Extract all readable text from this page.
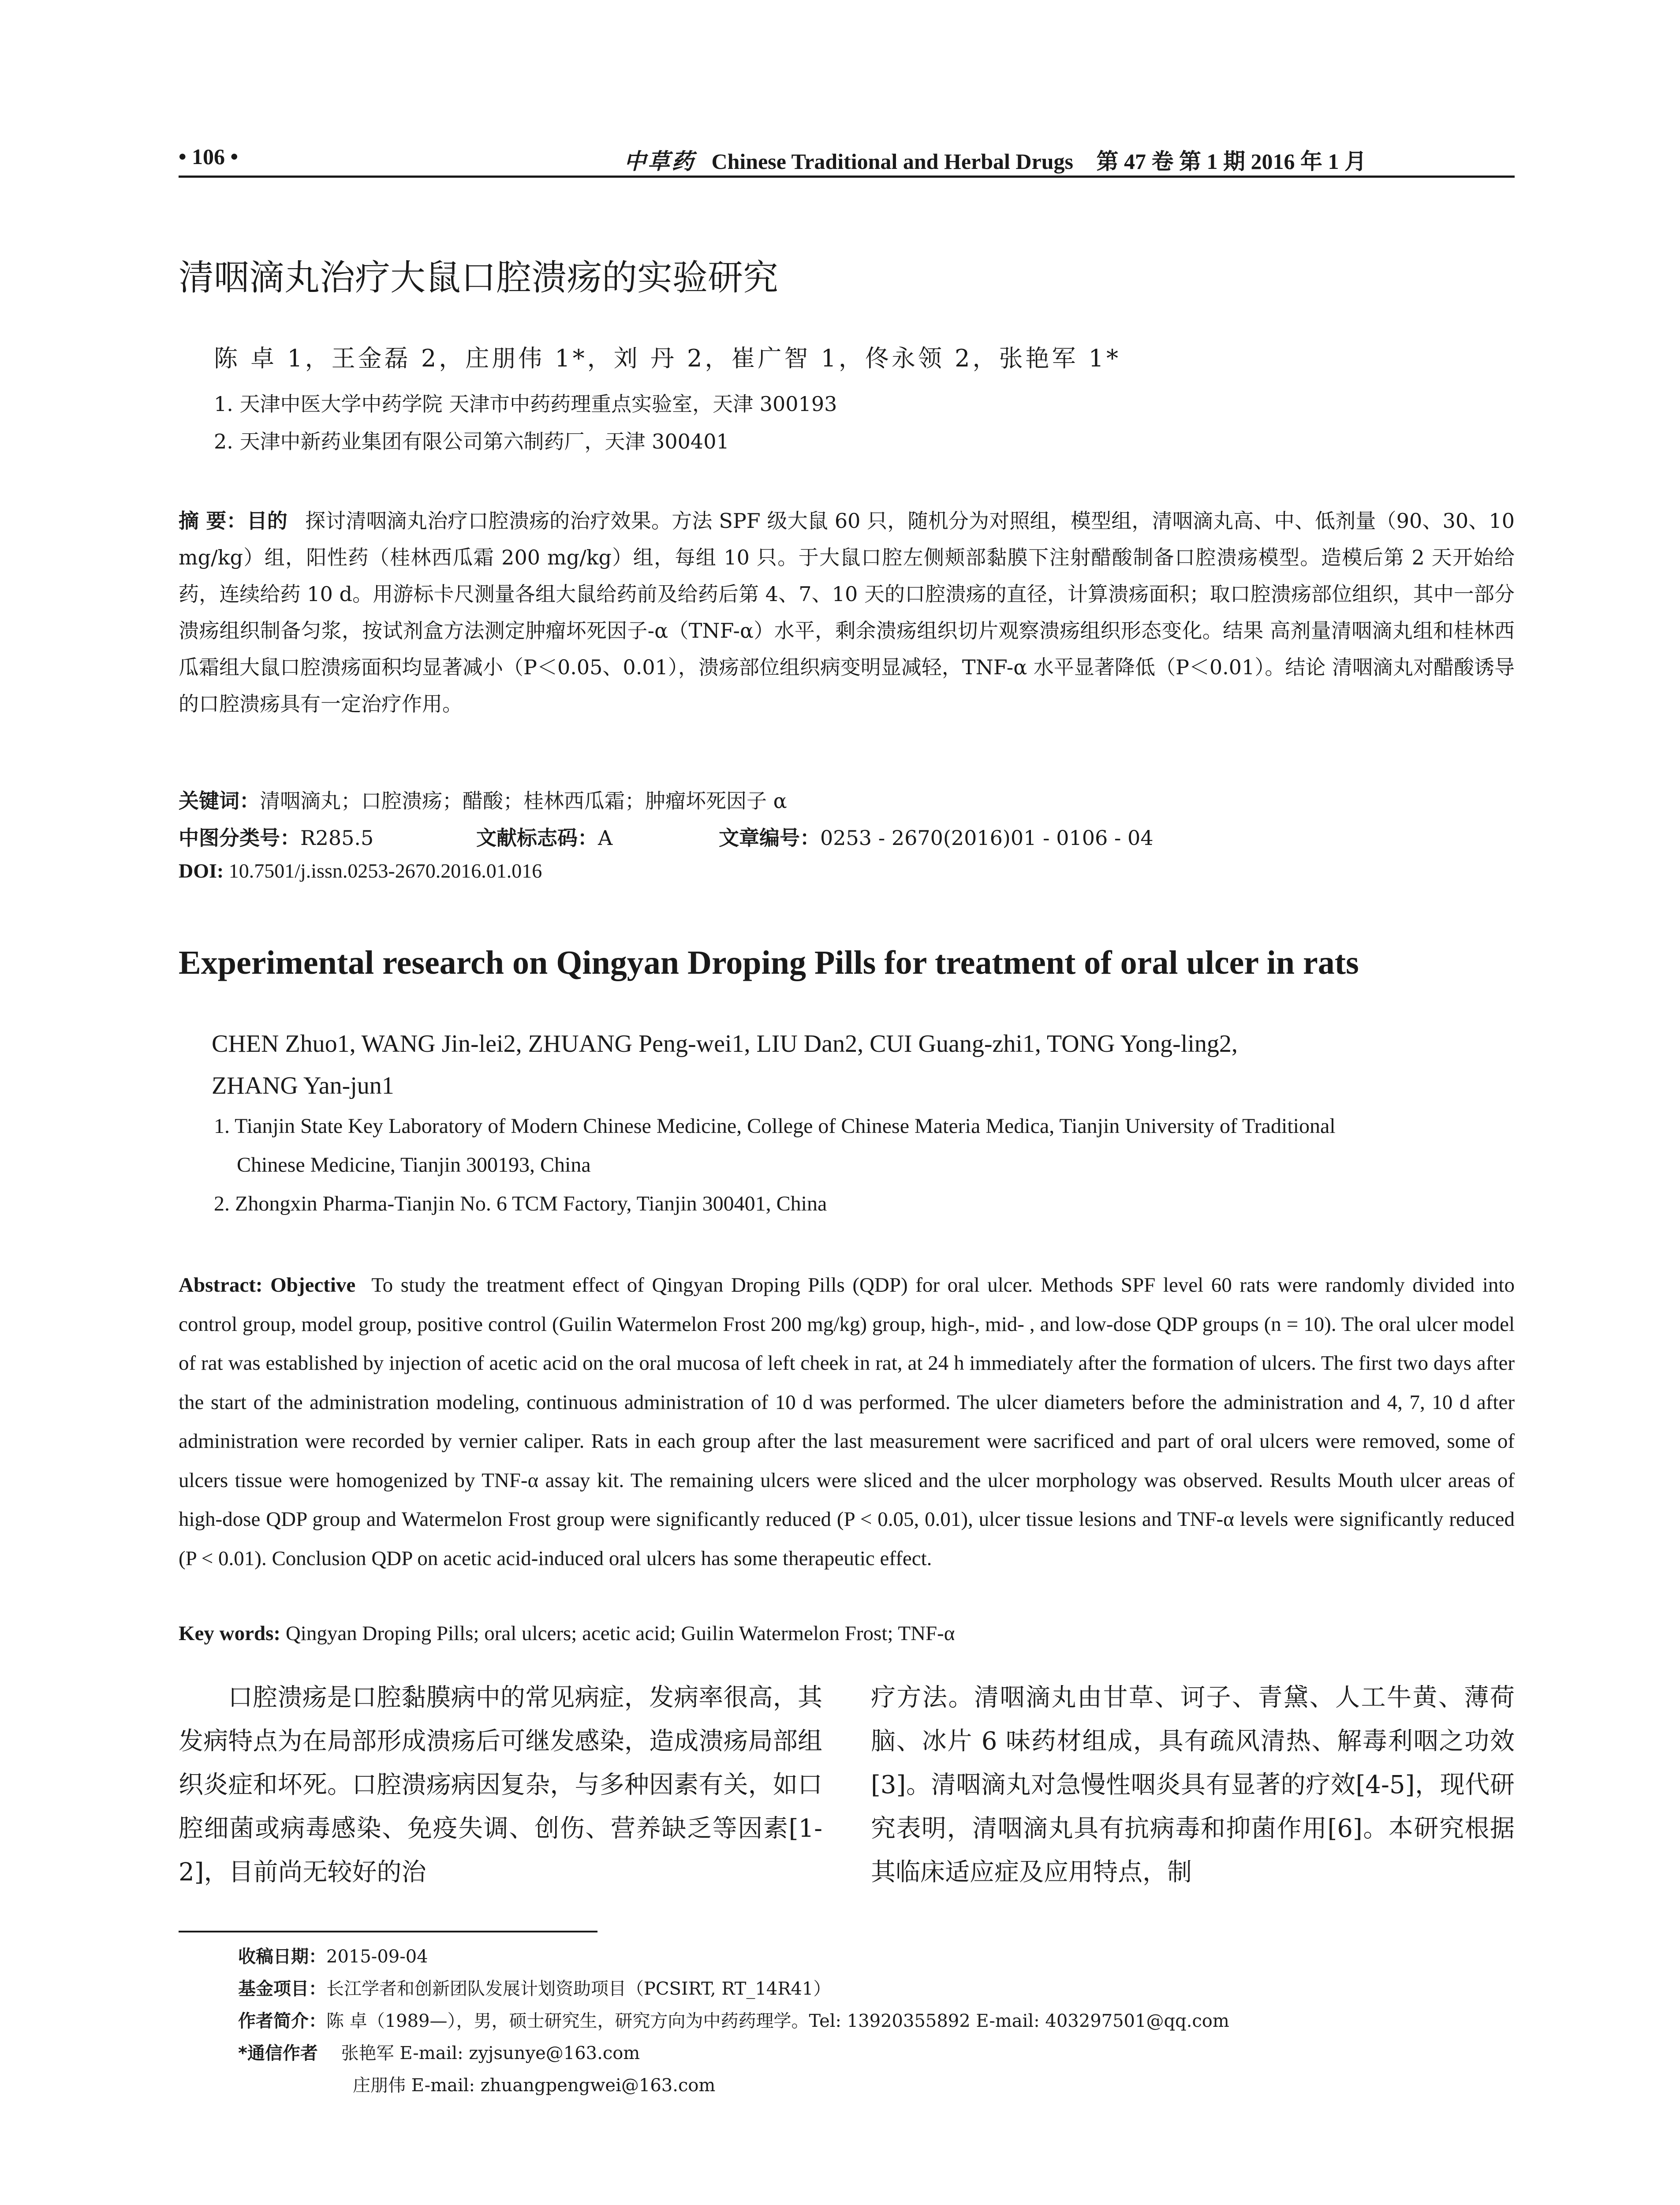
• 106 •	中草药 Chinese Traditional and Herbal Drugs 第 47 卷 第 1 期 2016 年 1 月
清咽滴丸治疗大鼠口腔溃疡的实验研究
陈 卓 1，王金磊 2，庄朋伟 1*，刘 丹 2，崔广智 1，佟永领 2，张艳军 1*
1. 天津中医大学中药学院 天津市中药药理重点实验室，天津 300193
2. 天津中新药业集团有限公司第六制药厂，天津 300401
摘 要：目的 探讨清咽滴丸治疗口腔溃疡的治疗效果。方法 SPF 级大鼠 60 只，随机分为对照组，模型组，清咽滴丸高、中、低剂量（90、30、10 mg/kg）组，阳性药（桂林西瓜霜 200 mg/kg）组，每组 10 只。于大鼠口腔左侧颊部黏膜下注射醋酸制备口腔溃疡模型。造模后第 2 天开始给药，连续给药 10 d。用游标卡尺测量各组大鼠给药前及给药后第 4、7、10 天的口腔溃疡的直径，计算溃疡面积；取口腔溃疡部位组织，其中一部分溃疡组织制备匀浆，按试剂盒方法测定肿瘤坏死因子-α（TNF-α）水平，剩余溃疡组织切片观察溃疡组织形态变化。结果 高剂量清咽滴丸组和桂林西瓜霜组大鼠口腔溃疡面积均显著减小（P＜0.05、0.01），溃疡部位组织病变明显减轻，TNF-α 水平显著降低（P＜0.01）。结论 清咽滴丸对醋酸诱导的口腔溃疡具有一定治疗作用。
关键词：清咽滴丸；口腔溃疡；醋酸；桂林西瓜霜；肿瘤坏死因子 α
中图分类号：R285.5	文献标志码：A	文章编号：0253 - 2670(2016)01 - 0106 - 04
DOI: 10.7501/j.issn.0253-2670.2016.01.016
Experimental research on Qingyan Droping Pills for treatment of oral ulcer in rats
CHEN Zhuo1, WANG Jin-lei2, ZHUANG Peng-wei1, LIU Dan2, CUI Guang-zhi1, TONG Yong-ling2,
ZHANG Yan-jun1
1. Tianjin State Key Laboratory of Modern Chinese Medicine, College of Chinese Materia Medica, Tianjin University of Traditional
Chinese Medicine, Tianjin 300193, China
2. Zhongxin Pharma-Tianjin No. 6 TCM Factory, Tianjin 300401, China
Abstract: Objective To study the treatment effect of Qingyan Droping Pills (QDP) for oral ulcer. Methods SPF level 60 rats were randomly divided into control group, model group, positive control (Guilin Watermelon Frost 200 mg/kg) group, high-, mid- , and low-dose QDP groups (n = 10). The oral ulcer model of rat was established by injection of acetic acid on the oral mucosa of left cheek in rat, at 24 h immediately after the formation of ulcers. The first two days after the start of the administration modeling, continuous administration of 10 d was performed. The ulcer diameters before the administration and 4, 7, 10 d after administration were recorded by vernier caliper. Rats in each group after the last measurement were sacrificed and part of oral ulcers were removed, some of ulcers tissue were homogenized by TNF-α assay kit. The remaining ulcers were sliced and the ulcer morphology was observed. Results Mouth ulcer areas of high-dose QDP group and Watermelon Frost group were significantly reduced (P < 0.05, 0.01), ulcer tissue lesions and TNF-α levels were significantly reduced (P < 0.01). Conclusion QDP on acetic acid-induced oral ulcers has some therapeutic effect.
Key words: Qingyan Droping Pills; oral ulcers; acetic acid; Guilin Watermelon Frost; TNF-α
口腔溃疡是口腔黏膜病中的常见病症，发病率很高，其发病特点为在局部形成溃疡后可继发感染，造成溃疡局部组织炎症和坏死。口腔溃疡病因复杂，与多种因素有关，如口腔细菌或病毒感染、免疫失调、创伤、营养缺乏等因素[1-2]，目前尚无较好的治
疗方法。清咽滴丸由甘草、诃子、青黛、人工牛黄、薄荷脑、冰片 6 味药材组成，具有疏风清热、解毒利咽之功效[3]。清咽滴丸对急慢性咽炎具有显著的疗效[4-5]，现代研究表明，清咽滴丸具有抗病毒和抑菌作用[6]。本研究根据其临床适应症及应用特点，制
收稿日期：2015-09-04
基金项目：长江学者和创新团队发展计划资助项目（PCSIRT, RT_14R41）
作者简介：陈 卓（1989—），男，硕士研究生，研究方向为中药药理学。Tel: 13920355892 E-mail: 403297501@qq.com
*通信作者 张艳军 E-mail: zyjsunye@163.com
庄朋伟 E-mail: zhuangpengwei@163.com
